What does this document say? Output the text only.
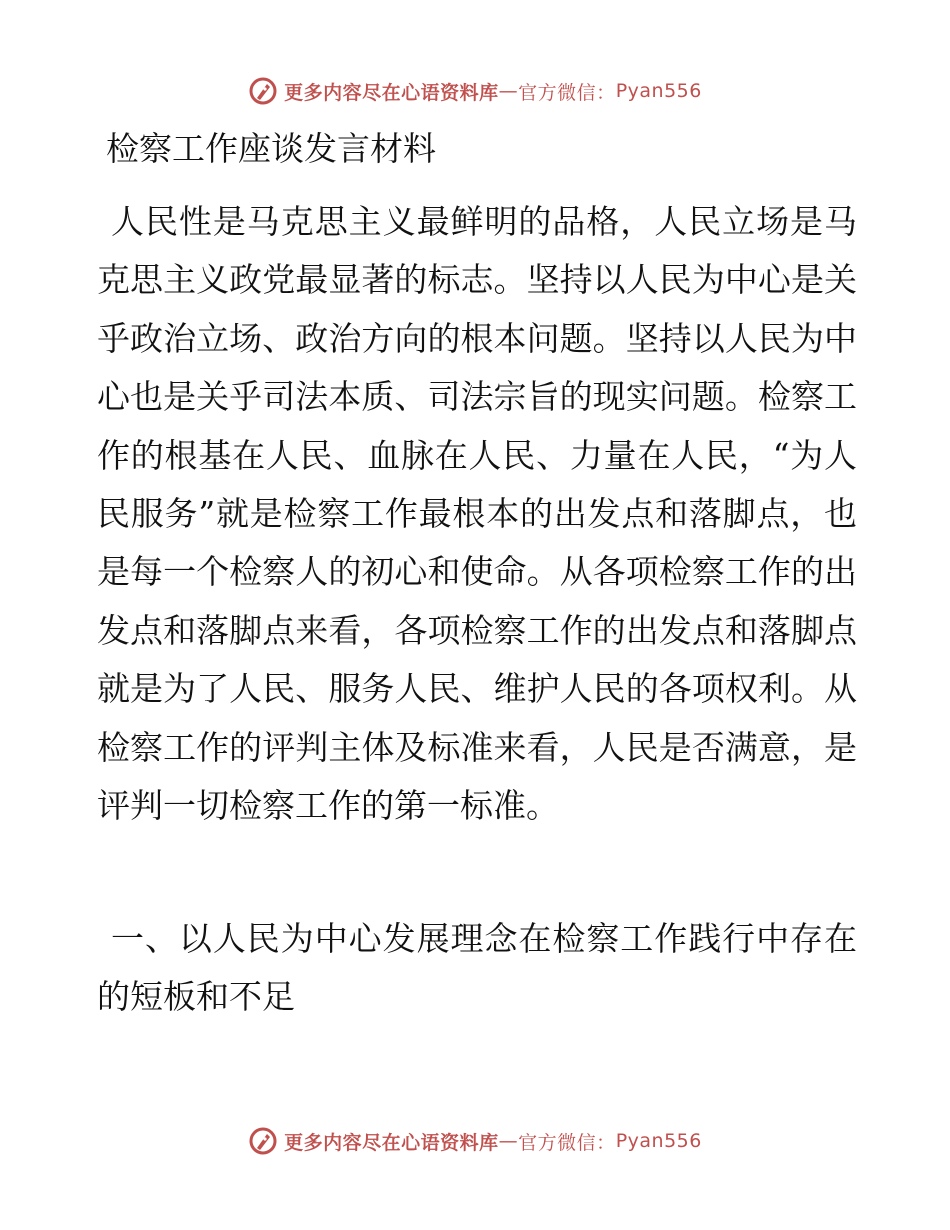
更多内容尽在心语资料库 — 官方微信： Pyan556
检察工作座谈发言材料

人民性是马克思主义最鲜明的品格，人民立场是马克思主义政党最显著的标志。坚持以人民为中心是关乎政治立场、政治方向的根本问题。坚持以人民为中心也是关乎司法本质、司法宗旨的现实问题。检察工作的根基在人民、血脉在人民、力量在人民，“为人民服务”就是检察工作最根本的出发点和落脚点，也是每一个检察人的初心和使命。从各项检察工作的出发点和落脚点来看，各项检察工作的出发点和落脚点就是为了人民、服务人民、维护人民的各项权利。从检察工作的评判主体及标准来看，人民是否满意，是评判一切检察工作的第一标准。

一、以人民为中心发展理念在检察工作践行中存在的短板和不足

更多内容尽在心语资料库 — 官方微信： Pyan556
